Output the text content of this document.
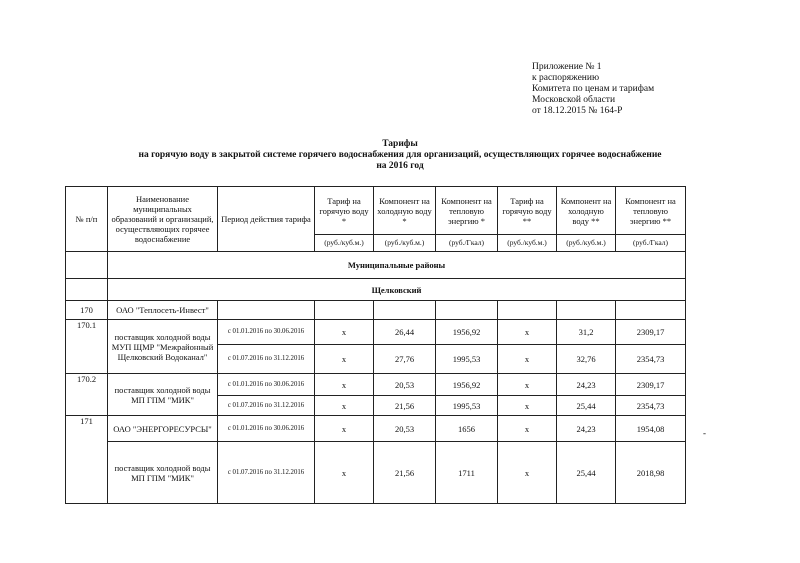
Приложение № 1
к распоряжению
Комитета по ценам и тарифам
Московской области
от 18.12.2015 № 164-Р
Тарифы
на горячую воду в закрытой системе горячего водоснабжения для организаций, осуществляющих горячее водоснабжение
на 2016 год
№ п/п	Наименование муниципальных образований и организаций, осуществляющих горячее водоснабжение	Период действия тарифа	Тариф на горячую воду *	Компонент на холодную воду *	Компонент на тепловую энергию *	Тариф на горячую воду **	Компонент на холодную воду **	Компонент на тепловую энергию **
			(руб./куб.м.)	(руб./куб.м.)	(руб./Гкал)	(руб./куб.м.)	(руб./куб.м.)	(руб./Гкал)
	Муниципальные районы							
	Щелковский							
170	ОАО "Теплосеть-Инвест"							
170.1	поставщик холодной воды МУП ЩМР "Межрайонный Щелковский Водоканал"	с 01.01.2016 по 30.06.2016	х	26,44	1956,92	х	31,2	2309,17
		с 01.07.2016 по 31.12.2016	х	27,76	1995,53	х	32,76	2354,73
170.2	поставщик холодной воды МП ГПМ "МИК"	с 01.01.2016 по 30.06.2016	х	20,53	1956,92	х	24,23	2309,17
		с 01.07.2016 по 31.12.2016	х	21,56	1995,53	х	25,44	2354,73
171	ОАО "ЭНЕРГОРЕСУРСЫ"	с 01.01.2016 по 30.06.2016	х	20,53	1656	х	24,23	1954,08
	поставщик холодной воды МП ГПМ "МИК"	с 01.07.2016 по 31.12.2016	х	21,56	1711	х	25,44	2018,98
-
